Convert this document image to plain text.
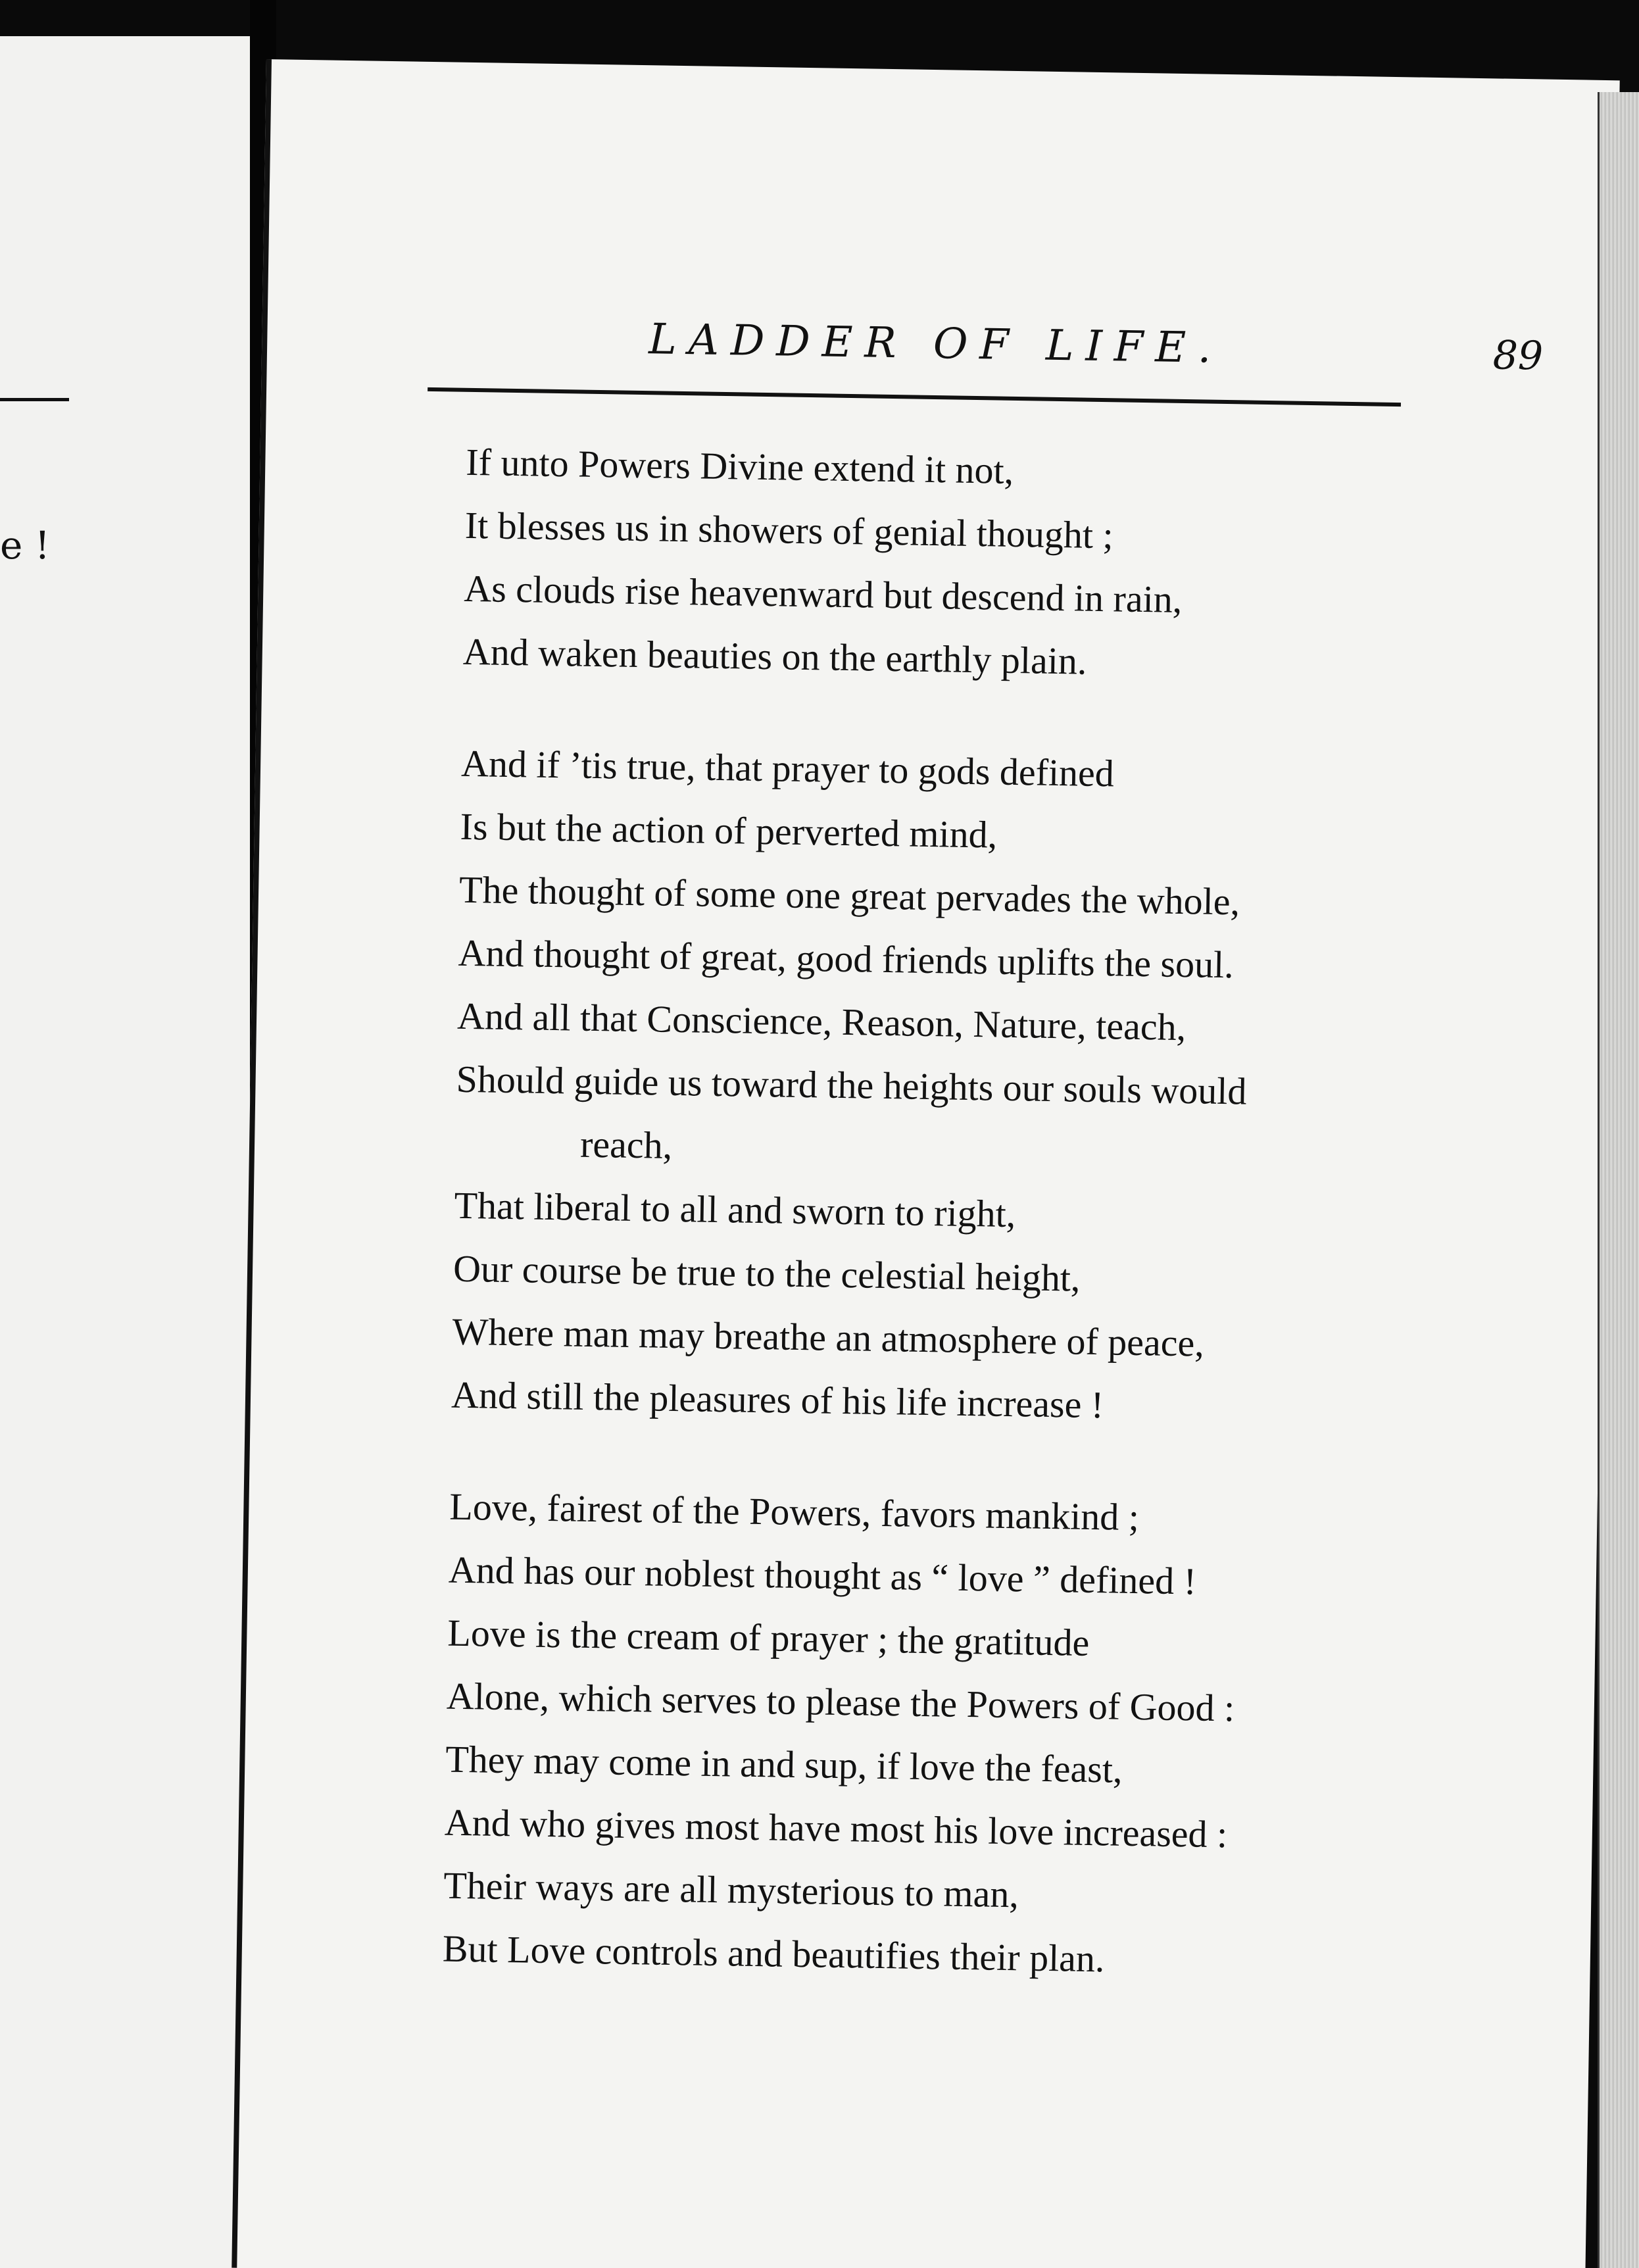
e !
LADDER OF LIFE.	89
If unto Powers Divine extend it not,
It blesses us in showers of genial thought ;
As clouds rise heavenward but descend in rain,
And waken beauties on the earthly plain.
And if ’tis true, that prayer to gods defined
Is but the action of perverted mind,
The thought of some one great pervades the whole,
And thought of great, good friends uplifts the soul.
And all that Conscience, Reason, Nature, teach,
Should guide us toward the heights our souls would
reach,
That liberal to all and sworn to right,
Our course be true to the celestial height,
Where man may breathe an atmosphere of peace,
And still the pleasures of his life increase !
Love, fairest of the Powers, favors mankind ;
And has our noblest thought as “ love ” defined !
Love is the cream of prayer ; the gratitude
Alone, which serves to please the Powers of Good :
They may come in and sup, if love the feast,
And who gives most have most his love increased :
Their ways are all mysterious to man,
But Love controls and beautifies their plan.
